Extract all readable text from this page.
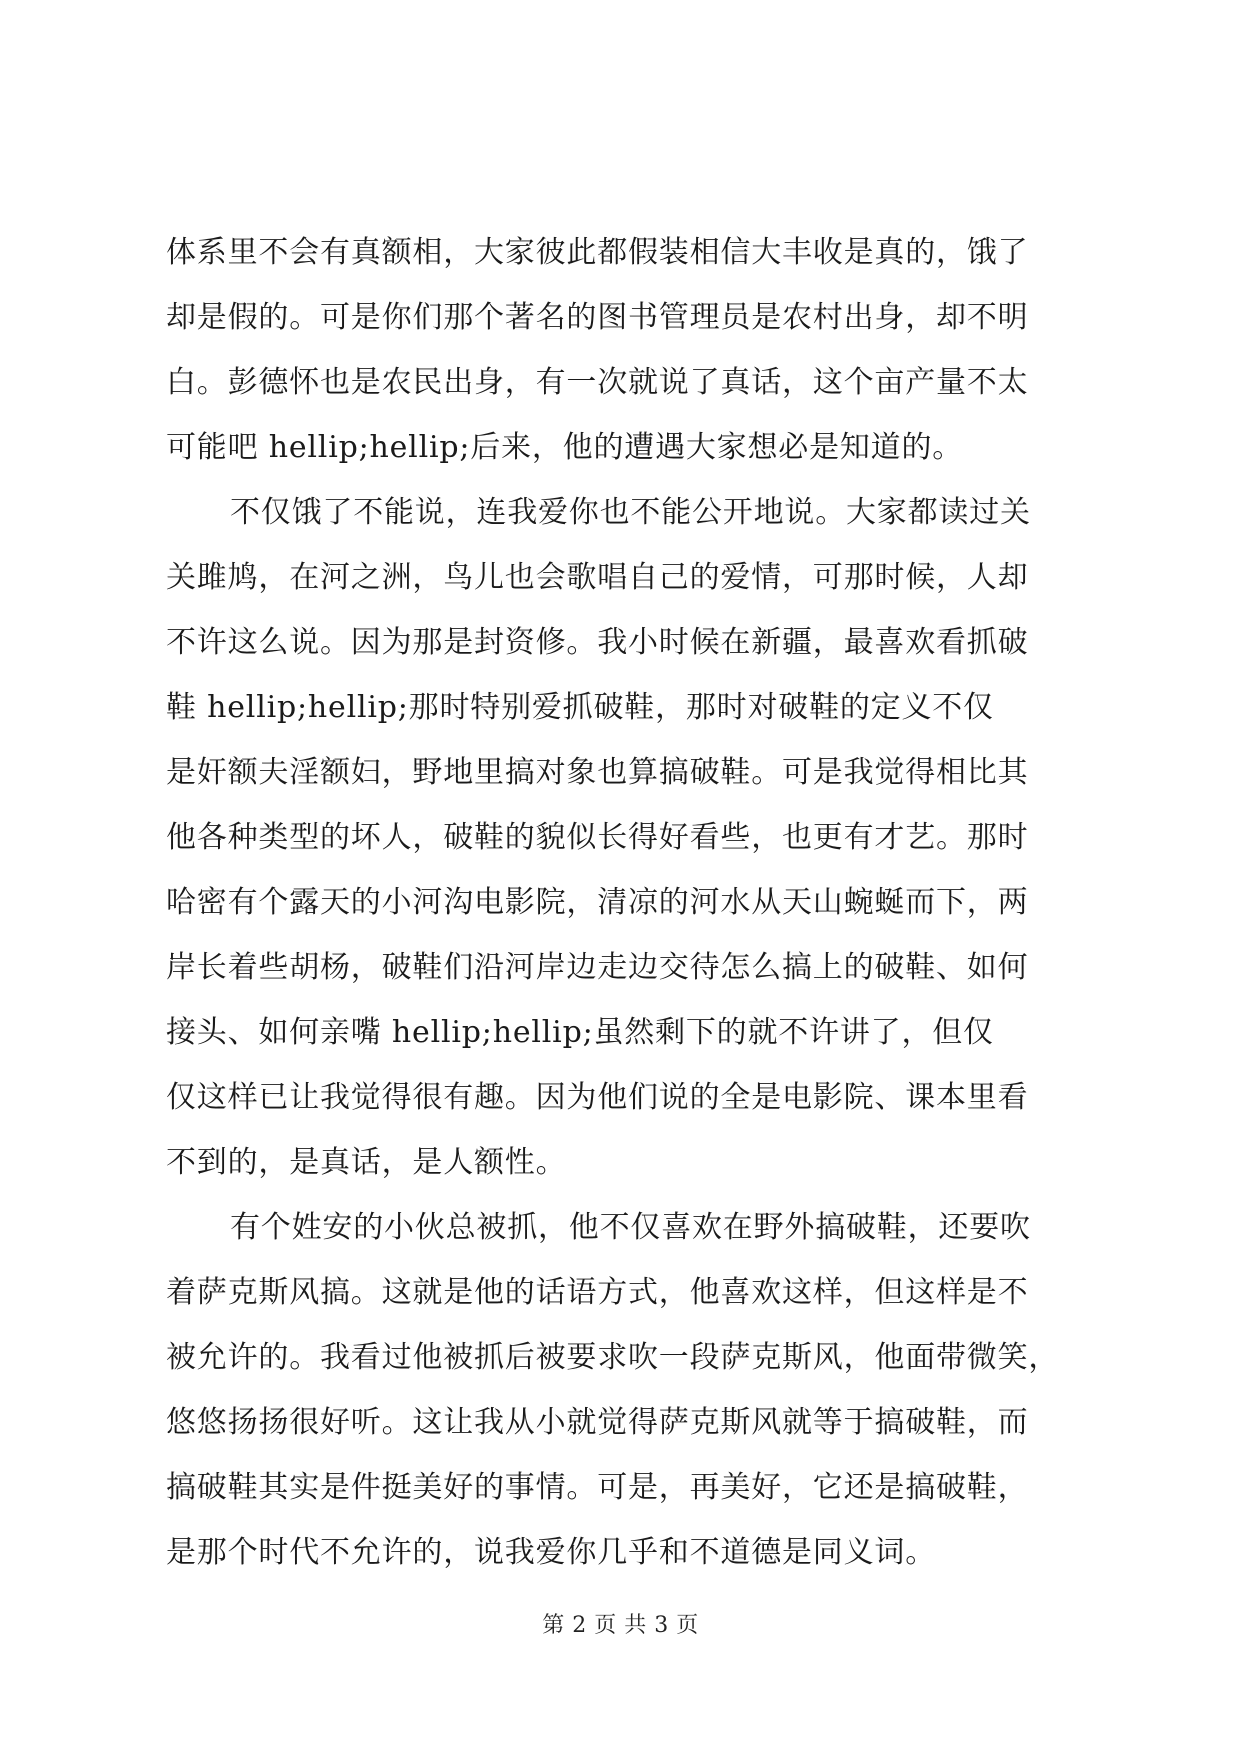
体系里不会有真额相，大家彼此都假装相信大丰收是真的，饿了
却是假的。可是你们那个著名的图书管理员是农村出身，却不明
白。彭德怀也是农民出身，有一次就说了真话，这个亩产量不太
可能吧 hellip;hellip;后来，他的遭遇大家想必是知道的。
不仅饿了不能说，连我爱你也不能公开地说。大家都读过关
关雎鸠，在河之洲，鸟儿也会歌唱自己的爱情，可那时候，人却
不许这么说。因为那是封资修。我小时候在新疆，最喜欢看抓破
鞋 hellip;hellip;那时特别爱抓破鞋，那时对破鞋的定义不仅
是奸额夫淫额妇，野地里搞对象也算搞破鞋。可是我觉得相比其
他各种类型的坏人，破鞋的貌似长得好看些，也更有才艺。那时
哈密有个露天的小河沟电影院，清凉的河水从天山蜿蜒而下，两
岸长着些胡杨，破鞋们沿河岸边走边交待怎么搞上的破鞋、如何
接头、如何亲嘴 hellip;hellip;虽然剩下的就不许讲了，但仅
仅这样已让我觉得很有趣。因为他们说的全是电影院、课本里看
不到的，是真话，是人额性。
有个姓安的小伙总被抓，他不仅喜欢在野外搞破鞋，还要吹
着萨克斯风搞。这就是他的话语方式，他喜欢这样，但这样是不
被允许的。我看过他被抓后被要求吹一段萨克斯风，他面带微笑，
悠悠扬扬很好听。这让我从小就觉得萨克斯风就等于搞破鞋，而
搞破鞋其实是件挺美好的事情。可是，再美好，它还是搞破鞋，
是那个时代不允许的，说我爱你几乎和不道德是同义词。
第 2 页 共 3 页
